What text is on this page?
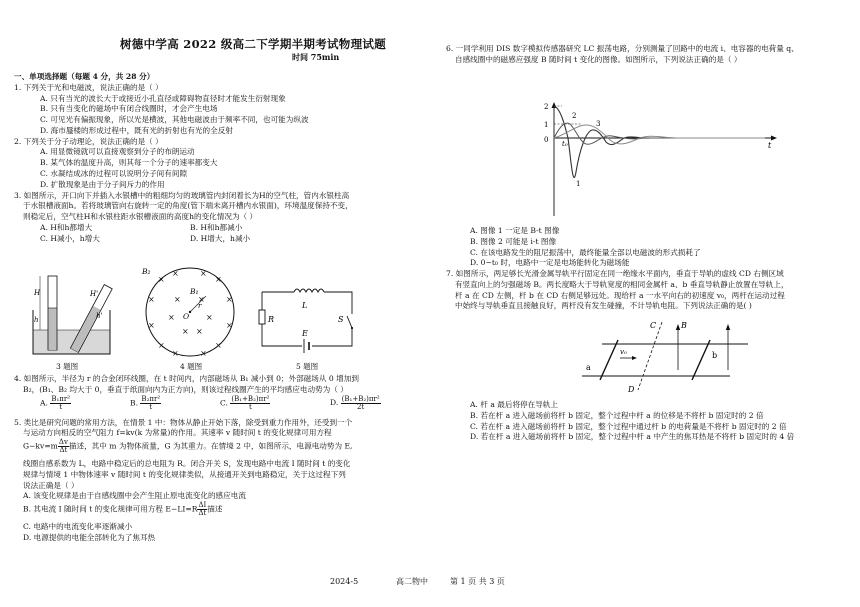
树德中学高 2022 级高二下学期半期考试物理试题
时间 75min

一、单项选择题（每题 4 分，共 28 分）

1. 下列关于光和电磁波，说法正确的是（ ）

A. 只有当光的波长大于或接近小孔直径或障碍物直径时才能发生衍射现象

B. 只有当变化的磁场中有闭合线圈时，才会产生电场

C. 可见光有偏振现象，所以光是横波，其他电磁波由于频率不同，也可能为纵波

D. 海市蜃楼的形成过程中，既有光的折射也有光的全反射

2. 下列关于分子动理论，说法正确的是（ ）

A. 用显微镜就可以直接观察到分子的布朗运动

B. 某气体的温度升高，则其每一个分子的速率都变大

C. 水凝结成冰的过程可以说明分子间有间隙

D. 扩散现象是由于分子间斥力的作用

3. 如图所示，开口向下并插入水银槽中的粗细均匀的玻璃管内封闭着长为H的空气柱，管内水银柱高

于水银槽液面h。若将玻璃管向右旋转一定的角度(管下端未离开槽内水银面)，环境温度保持不变，

则稳定后，空气柱H和水银柱距水银槽液面的高度h的变化情况为（ ）

A. H和h都增大	B. H和h都减小
C. H减小，h增大	D. H增大，h减小
H
h
H'
h'
3 题图
×
×	×
×
×	×
×	×
×
×	×
×
× ×
×	×
× ×
O
r
B₂
B₁
4 题图
L
R
E
S
5 题图

4. 如图所示，半径为 r 的合金闭环线圈，在 t 时间内，内部磁场从 B₁ 减小到 0；外部磁场从 0 增加到

B₂，(B₁、B₂ 均大于 0，垂直于纸面向内为正方向)，则该过程线圈产生的平均感应电动势为（ ）

A. $\frac{\text{B₁πr²}}{t}$	B. $\frac{\text{B₂πr²}}{t}$	C. $\frac{\text{(B₁+B₂)πr²}}{t}$	D. $\frac{\text{(B₁+B₂)πr²}}{2t}$

5. 类比是研究问题的常用方法，在情景 1 中：物体从静止开始下落，除受到重力作用外，还受到一个

与运动方向相反的空气阻力 f=kv(k 为常量)的作用。其速率 v 随时间 t 的变化规律可用方程

$G-kv=m \frac{\Delta v}{\Delta t}$ 描述，其中 m 为物体质量，G 为其重力。在情境 2 中，如图所示，电源电动势为 E,

线圈自感系数为 L，电路中稳定后的总电阻为 R。闭合开关 S，发现电路中电流 I 随时间 t 的变化

规律与情境 1 中物体速率 v 随时间 t 的变化规律类似，从接通开关到电路稳定，关于这过程下列

说法正确是（ ）

A. 该变化规律是由于自感线圈中会产生阻止原电流变化的感应电流

B. 其电流 I 随时间 t 的变化规律可用方程 $E-LI=R \frac{\Delta I}{\Delta t}$ 描述

C. 电路中的电流变化率逐渐减小

D. 电源提供的电能全部转化为了焦耳热

6. 一同学利用 DIS 数字模拟传感器研究 LC 振荡电路，分别测量了回路中的电流 i、电容器的电荷量 q、

自感线圈中的磁感应强度 B 随时间 t 变化的图像。如图所示，下列说法正确的是（ ）

2
1
0 t₀	t
1
2
3

A. 图像 1 一定是 B-t 图像

B. 图像 2 可能是 i-t 图像

C. 在该电路发生的阻尼振荡中，最终能量全部以电磁波的形式损耗了

D. 0~t₀ 时，电路中一定是电场能转化为磁场能

7. 如图所示，两足够长光滑金属导轨平行固定在同一绝缘水平面内，垂直于导轨的虚线 CD 右侧区域

有竖直向上的匀强磁场 B。两长度略大于导轨宽度的相同金属杆 a、b 垂直导轨静止放置在导轨上，

杆 a 在 CD 左侧，杆 b 在 CD 右侧足够远处。现给杆 a 一水平向右的初速度 v₀，两杆在运动过程

中始终与导轨垂直且接触良好，两杆没有发生碰撞，不计导轨电阻。下列说法正确的是( )

C
D
B
a
b
v₀

A. 杆 a 最后将停在导轨上

B. 若在杆 a 进入磁场前将杆 b 固定，整个过程中杆 a 的位移是不将杆 b 固定时的 2 倍

C. 若在杆 a 进入磁场前将杆 b 固定，整个过程中通过杆 b 的电荷量是不将杆 b 固定时的 2 倍

D. 若在杆 a 进入磁场前将杆 b 固定，整个过程中杆 a 中产生的焦耳热是不将杆 b 固定时的 4 倍

2024-5	高二物中	第 1 页 共 3 页
